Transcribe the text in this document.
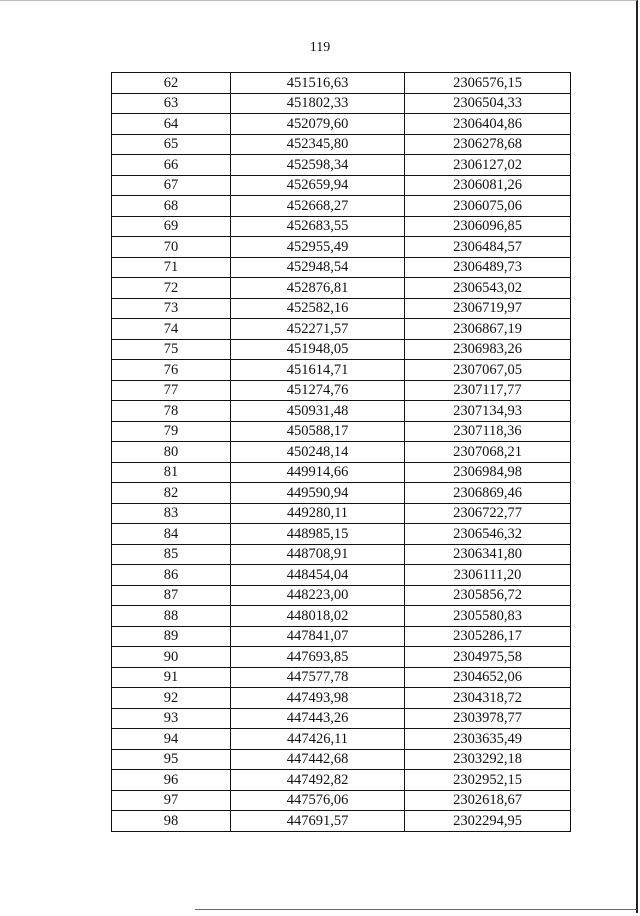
119
62	451516,63	2306576,15
63	451802,33	2306504,33
64	452079,60	2306404,86
65	452345,80	2306278,68
66	452598,34	2306127,02
67	452659,94	2306081,26
68	452668,27	2306075,06
69	452683,55	2306096,85
70	452955,49	2306484,57
71	452948,54	2306489,73
72	452876,81	2306543,02
73	452582,16	2306719,97
74	452271,57	2306867,19
75	451948,05	2306983,26
76	451614,71	2307067,05
77	451274,76	2307117,77
78	450931,48	2307134,93
79	450588,17	2307118,36
80	450248,14	2307068,21
81	449914,66	2306984,98
82	449590,94	2306869,46
83	449280,11	2306722,77
84	448985,15	2306546,32
85	448708,91	2306341,80
86	448454,04	2306111,20
87	448223,00	2305856,72
88	448018,02	2305580,83
89	447841,07	2305286,17
90	447693,85	2304975,58
91	447577,78	2304652,06
92	447493,98	2304318,72
93	447443,26	2303978,77
94	447426,11	2303635,49
95	447442,68	2303292,18
96	447492,82	2302952,15
97	447576,06	2302618,67
98	447691,57	2302294,95
